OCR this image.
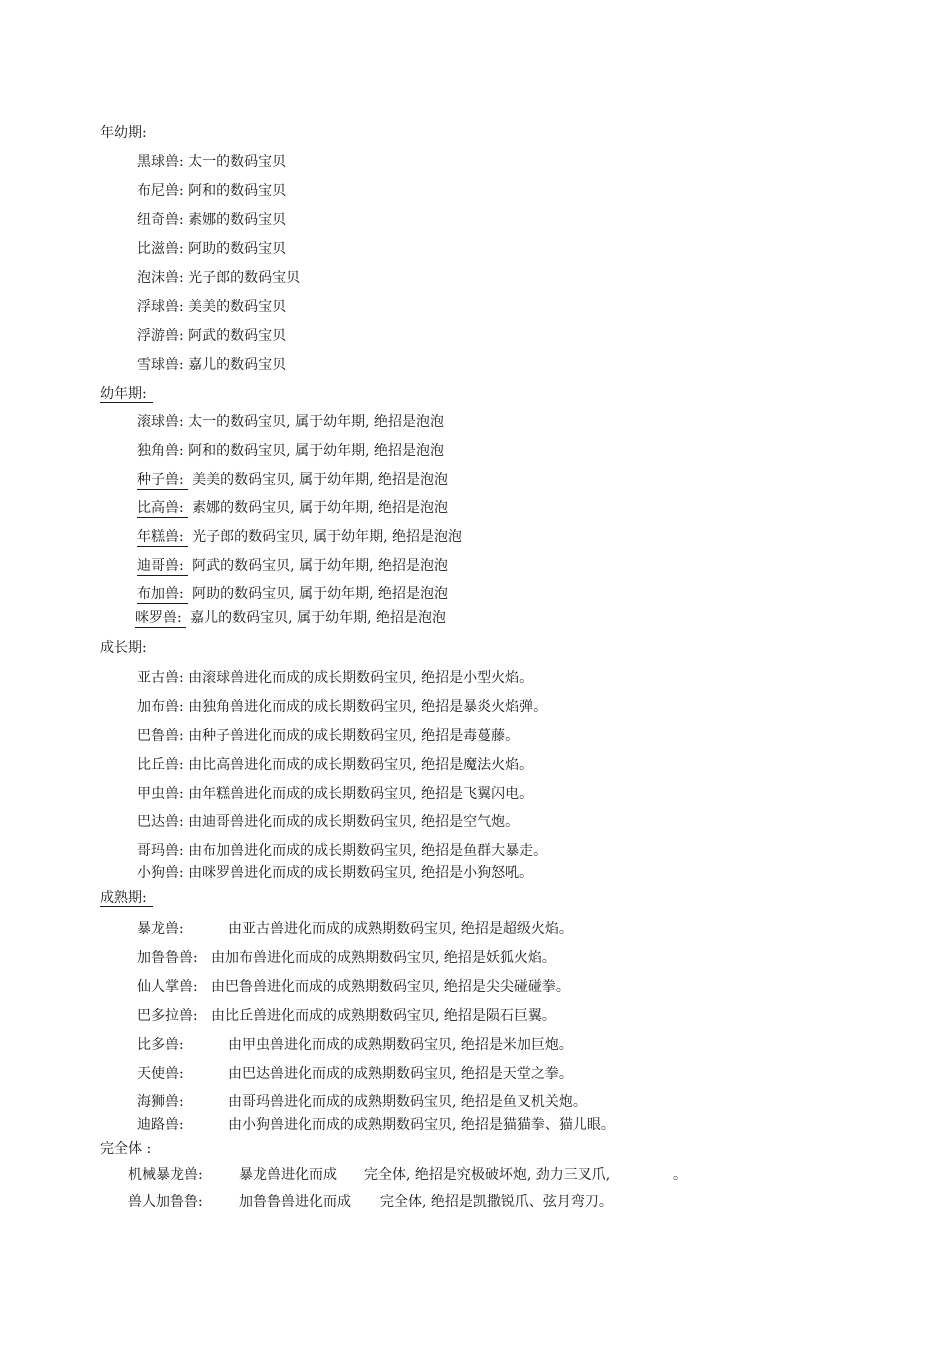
年幼期:
黑球兽: 太一的数码宝贝
布尼兽: 阿和的数码宝贝
纽奇兽: 素娜的数码宝贝
比滋兽: 阿助的数码宝贝
泡沫兽: 光子郎的数码宝贝
浮球兽: 美美的数码宝贝
浮游兽: 阿武的数码宝贝
雪球兽: 嘉儿的数码宝贝
幼年期:
滚球兽: 太一的数码宝贝, 属于幼年期, 绝招是泡泡
独角兽: 阿和的数码宝贝, 属于幼年期, 绝招是泡泡
种子兽: 美美的数码宝贝, 属于幼年期, 绝招是泡泡
比高兽: 素娜的数码宝贝, 属于幼年期, 绝招是泡泡
年糕兽: 光子郎的数码宝贝, 属于幼年期, 绝招是泡泡
迪哥兽: 阿武的数码宝贝, 属于幼年期, 绝招是泡泡
布加兽: 阿助的数码宝贝, 属于幼年期, 绝招是泡泡
咪罗兽: 嘉儿的数码宝贝, 属于幼年期, 绝招是泡泡
成长期:
亚古兽: 由滚球兽进化而成的成长期数码宝贝, 绝招是小型火焰。
加布兽: 由独角兽进化而成的成长期数码宝贝, 绝招是暴炎火焰弹。
巴鲁兽: 由种子兽进化而成的成长期数码宝贝, 绝招是毒蔓藤。
比丘兽: 由比高兽进化而成的成长期数码宝贝, 绝招是魔法火焰。
甲虫兽: 由年糕兽进化而成的成长期数码宝贝, 绝招是飞翼闪电。
巴达兽: 由迪哥兽进化而成的成长期数码宝贝, 绝招是空气炮。
哥玛兽: 由布加兽进化而成的成长期数码宝贝, 绝招是鱼群大暴走。
小狗兽: 由咪罗兽进化而成的成长期数码宝贝, 绝招是小狗怒吼。
成熟期:
暴龙兽:	由亚古兽进化而成的成熟期数码宝贝, 绝招是超级火焰。
加鲁鲁兽: 由加布兽进化而成的成熟期数码宝贝, 绝招是妖狐火焰。
仙人掌兽: 由巴鲁兽进化而成的成熟期数码宝贝, 绝招是尖尖碰碰拳。
巴多拉兽: 由比丘兽进化而成的成熟期数码宝贝, 绝招是陨石巨翼。
比多兽:	由甲虫兽进化而成的成熟期数码宝贝, 绝招是米加巨炮。
天使兽:	由巴达兽进化而成的成熟期数码宝贝, 绝招是天堂之拳。
海狮兽:	由哥玛兽进化而成的成熟期数码宝贝, 绝招是鱼叉机关炮。
迪路兽:	由小狗兽进化而成的成熟期数码宝贝, 绝招是猫猫拳、猫儿眼。
完全体 :
机械暴龙兽:	暴龙兽进化而成 完全体, 绝招是究极破坏炮, 劲力三叉爪,	。
兽人加鲁鲁:	加鲁鲁兽进化而成 完全体, 绝招是凯撒锐爪、弦月弯刀。
